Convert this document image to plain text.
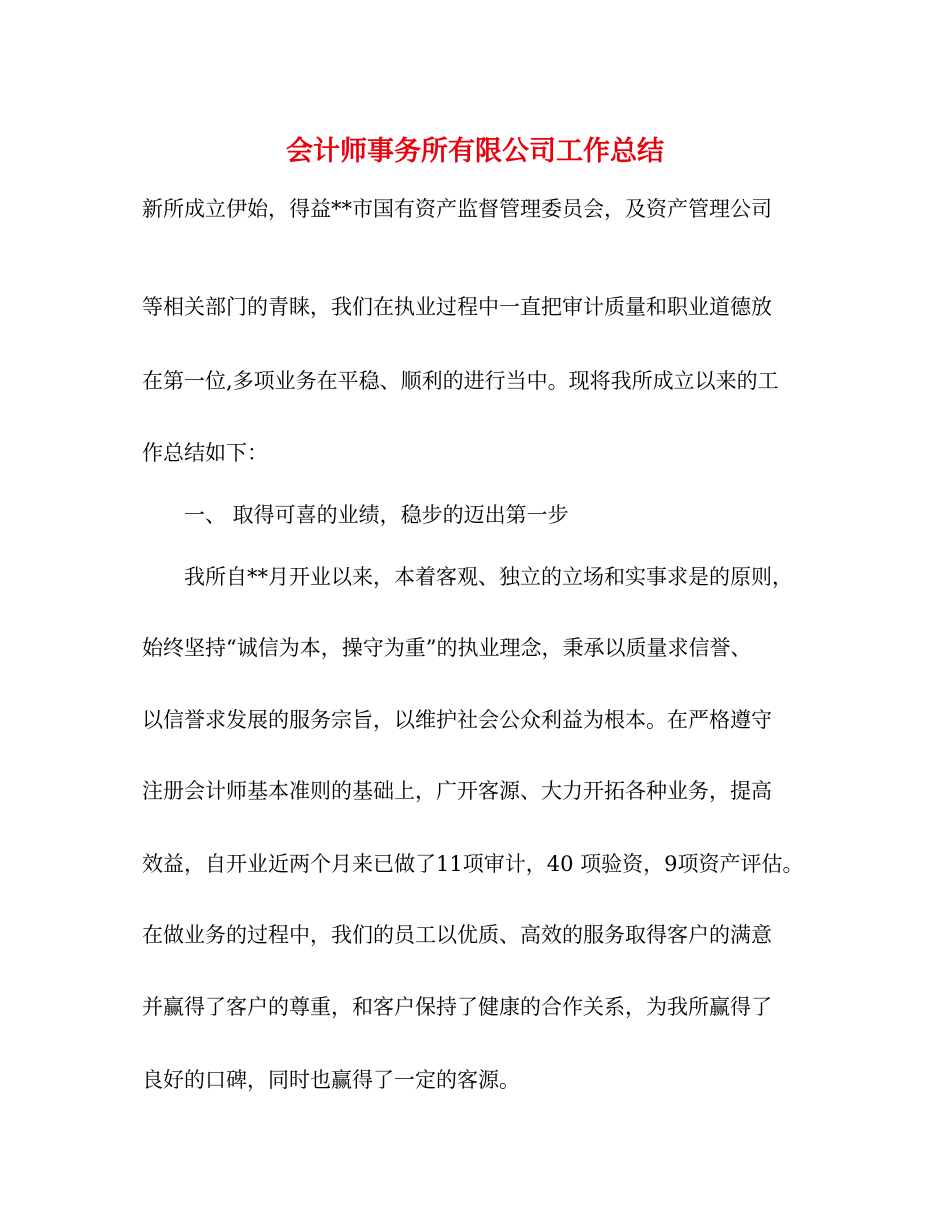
会计师事务所有限公司工作总结

新所成立伊始，得益**市国有资产监督管理委员会，及资产管理公司

等相关部门的青睐，我们在执业过程中一直把审计质量和职业道德放

在第一位,多项业务在平稳、顺利的进行当中。现将我所成立以来的工

作总结如下：

一、 取得可喜的业绩，稳步的迈出第一步

我所自**月开业以来，本着客观、独立的立场和实事求是的原则，

始终坚持“诚信为本，操守为重”的执业理念，秉承以质量求信誉、

以信誉求发展的服务宗旨，以维护社会公众利益为根本。在严格遵守

注册会计师基本准则的基础上，广开客源、大力开拓各种业务，提高

效益，自开业近两个月来已做了11项审计，40 项验资，9项资产评估。

在做业务的过程中，我们的员工以优质、高效的服务取得客户的满意

并赢得了客户的尊重，和客户保持了健康的合作关系，为我所赢得了

良好的口碑，同时也赢得了一定的客源。
